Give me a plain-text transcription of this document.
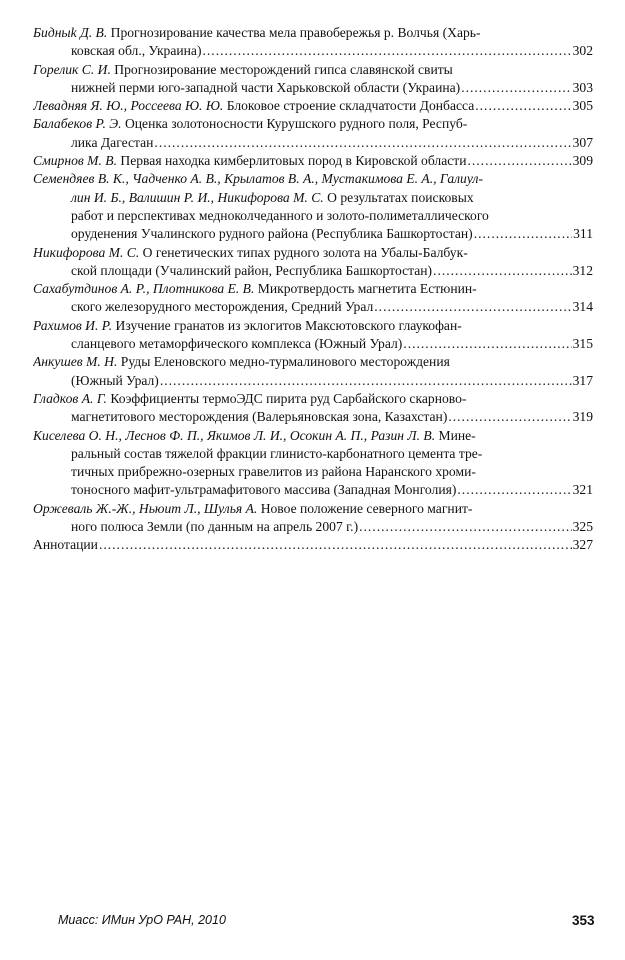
Бидныk Д. В. Прогнозирование качества мела правобережья р. Волчья (Харь-
ковская обл., Украина) .....	302
Горелик С. И. Прогнозирование месторождений гипса славянской свиты
нижней перми юго-западной части Харьковской области (Украина) .....	303
Левадняя Я. Ю., Россеева Ю. Ю. Блоковое строение складчатости Донбасса .....	305
Балабеков Р. Э. Оценка золотоносности Курушского рудного поля, Респуб-
лика Дагестан .....	307
Смирнов М. В. Первая находка кимберлитовых пород в Кировской области .....	309
Семендяев В. К., Чадченко А. В., Крылатов В. А., Мустакимова Е. А., Галиул-
лин И. Б., Валишин Р. И., Никифорова М. С. О результатах поисковых
работ и перспективах медноколчеданного и золото-полиметаллического
оруденения Учалинского рудного района (Республика Башкортостан) .....	311
Никифорова М. С. О генетических типах рудного золота на Убалы-Балбук-
ской площади (Учалинский район, Республика Башкортостан) .....	312
Сахабутдинов А. Р., Плотникова Е. В. Микротвердость магнетита Естюнин-
ского железорудного месторождения, Средний Урал .....	314
Рахимов И. Р. Изучение гранатов из эклогитов Максютовского глаукофан-
сланцевого метаморфического комплекса (Южный Урал) .....	315
Анкушев М. Н. Руды Еленовского медно-турмалинового месторождения
(Южный Урал) .....	317
Гладков А. Г. Коэффициенты термоЭДС пирита руд Сарбайского скарново-
магнетитового месторождения (Валерьяновская зона, Казахстан) .....	319
Киселева О. Н., Леснов Ф. П., Якимов Л. И., Осокин А. П., Разин Л. В. Мине-
ральный состав тяжелой фракции глинисто-карбонатного цемента тре-
тичных прибрежно-озерных гравелитов из района Наранского хроми-
тоносного мафит-ультрамафитового массива (Западная Монголия) .....	321
Оржеваль Ж.-Ж., Ньюит Л., Шулья А. Новое положение северного магнит-
ного полюса Земли (по данным на апрель 2007 г.) .....	325
Аннотации .....	327
Миасс: ИМин УрО РАН, 2010	353
